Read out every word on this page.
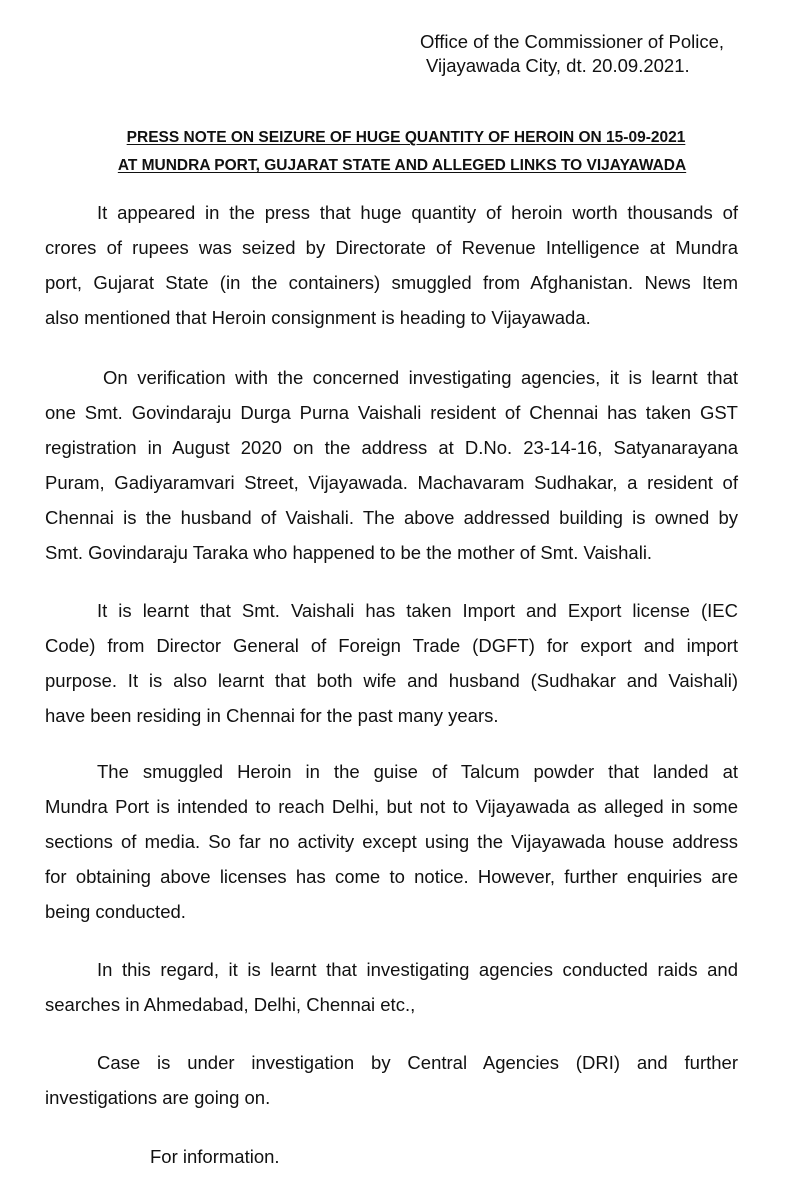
Office of the Commissioner of Police,
Vijayawada City, dt. 20.09.2021.
PRESS NOTE ON SEIZURE OF HUGE QUANTITY OF HEROIN ON 15-09-2021
AT MUNDRA PORT, GUJARAT STATE AND ALLEGED LINKS TO VIJAYAWADA
It appeared in the press that huge quantity of heroin worth thousands of
crores of rupees was seized by Directorate of Revenue Intelligence at Mundra
port, Gujarat State (in the containers) smuggled from Afghanistan. News Item
also mentioned that Heroin consignment is heading to Vijayawada.
On verification with the concerned investigating agencies, it is learnt that
one Smt. Govindaraju Durga Purna Vaishali resident of Chennai has taken GST
registration in August 2020 on the address at D.No. 23-14-16, Satyanarayana
Puram, Gadiyaramvari Street, Vijayawada. Machavaram Sudhakar, a resident of
Chennai is the husband of Vaishali. The above addressed building is owned by
Smt. Govindaraju Taraka who happened to be the mother of Smt. Vaishali.
It is learnt that Smt. Vaishali has taken Import and Export license (IEC
Code) from Director General of Foreign Trade (DGFT) for export and import
purpose. It is also learnt that both wife and husband (Sudhakar and Vaishali)
have been residing in Chennai for the past many years.
The smuggled Heroin in the guise of Talcum powder that landed at
Mundra Port is intended to reach Delhi, but not to Vijayawada as alleged in some
sections of media. So far no activity except using the Vijayawada house address
for obtaining above licenses has come to notice. However, further enquiries are
being conducted.
In this regard, it is learnt that investigating agencies conducted raids and
searches in Ahmedabad, Delhi, Chennai etc.,
Case is under investigation by Central Agencies (DRI) and further
investigations are going on.
For information.
